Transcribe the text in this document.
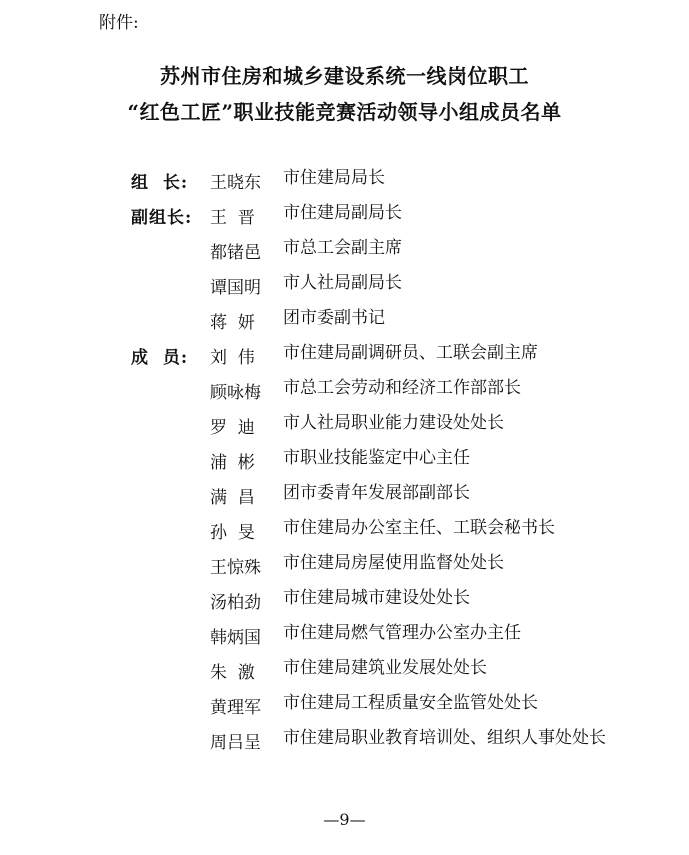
附件:
苏州市住房和城乡建设系统一线岗位职工
“红色工匠”职业技能竞赛活动领导小组成员名单
组  长: 王晓东	市住建局局长
副组长: 王  晋	市住建局副局长
都锗邑	市总工会副主席
谭国明	市人社局副局长
蒋  妍	团市委副书记
成  员: 刘  伟	市住建局副调研员、工联会副主席
顾咏梅	市总工会劳动和经济工作部部长
罗  迪	市人社局职业能力建设处处长
浦  彬	市职业技能鉴定中心主任
满  昌	团市委青年发展部副部长
孙  旻	市住建局办公室主任、工联会秘书长
王惊殊	市住建局房屋使用监督处处长
汤柏劲	市住建局城市建设处处长
韩炳国	市住建局燃气管理办公室办主任
朱  激	市住建局建筑业发展处处长
黄理军	市住建局工程质量安全监管处处长
周吕呈	市住建局职业教育培训处、组织人事处处长
—9—
